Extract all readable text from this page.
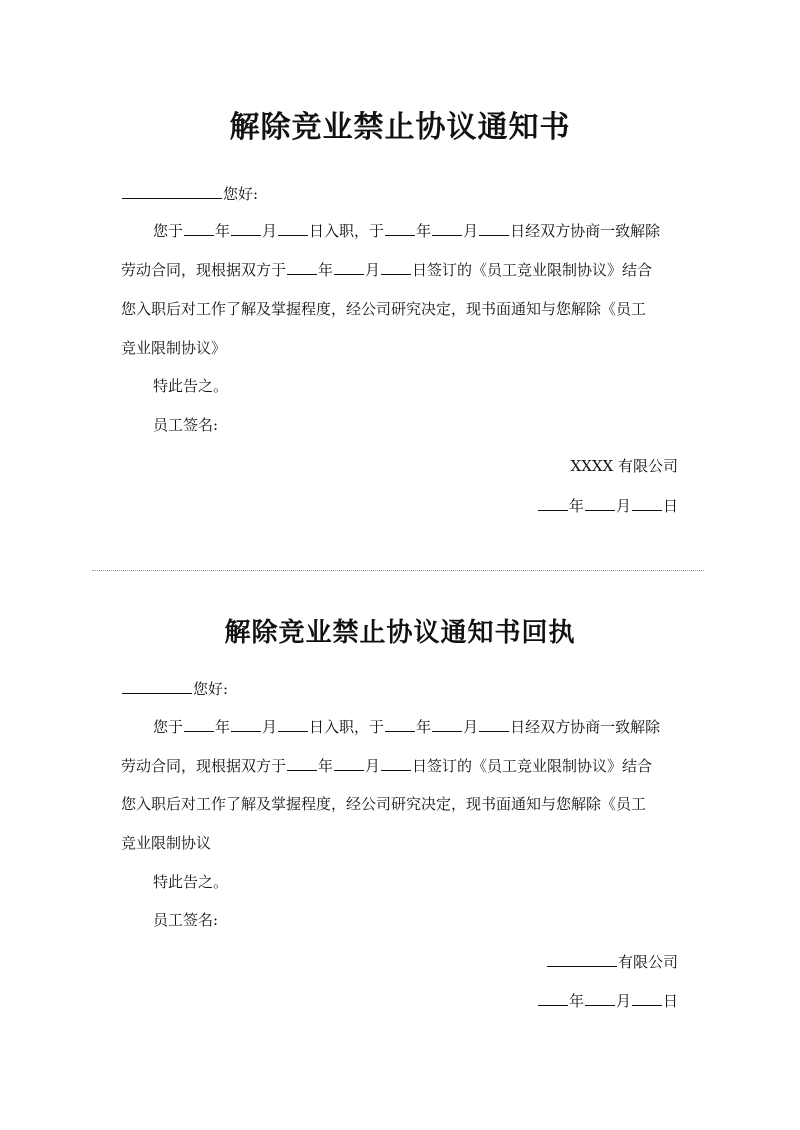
解除竞业禁止协议通知书
您好:
您于 年 月 日入职，于 年 月 日经双方协商一致解除
劳动合同，现根据双方于 年 月 日签订的《员工竞业限制协议》结合
您入职后对工作了解及掌握程度，经公司研究决定，现书面通知与您解除《员工
竞业限制协议》
特此告之。
员工签名:
XXXX 有限公司
年 月 日
解除竞业禁止协议通知书回执
您好:
您于 年 月 日入职，于 年 月 日经双方协商一致解除
劳动合同，现根据双方于 年 月 日签订的《员工竞业限制协议》结合
您入职后对工作了解及掌握程度，经公司研究决定，现书面通知与您解除《员工
竞业限制协议
特此告之。
员工签名:
有限公司
年 月 日
